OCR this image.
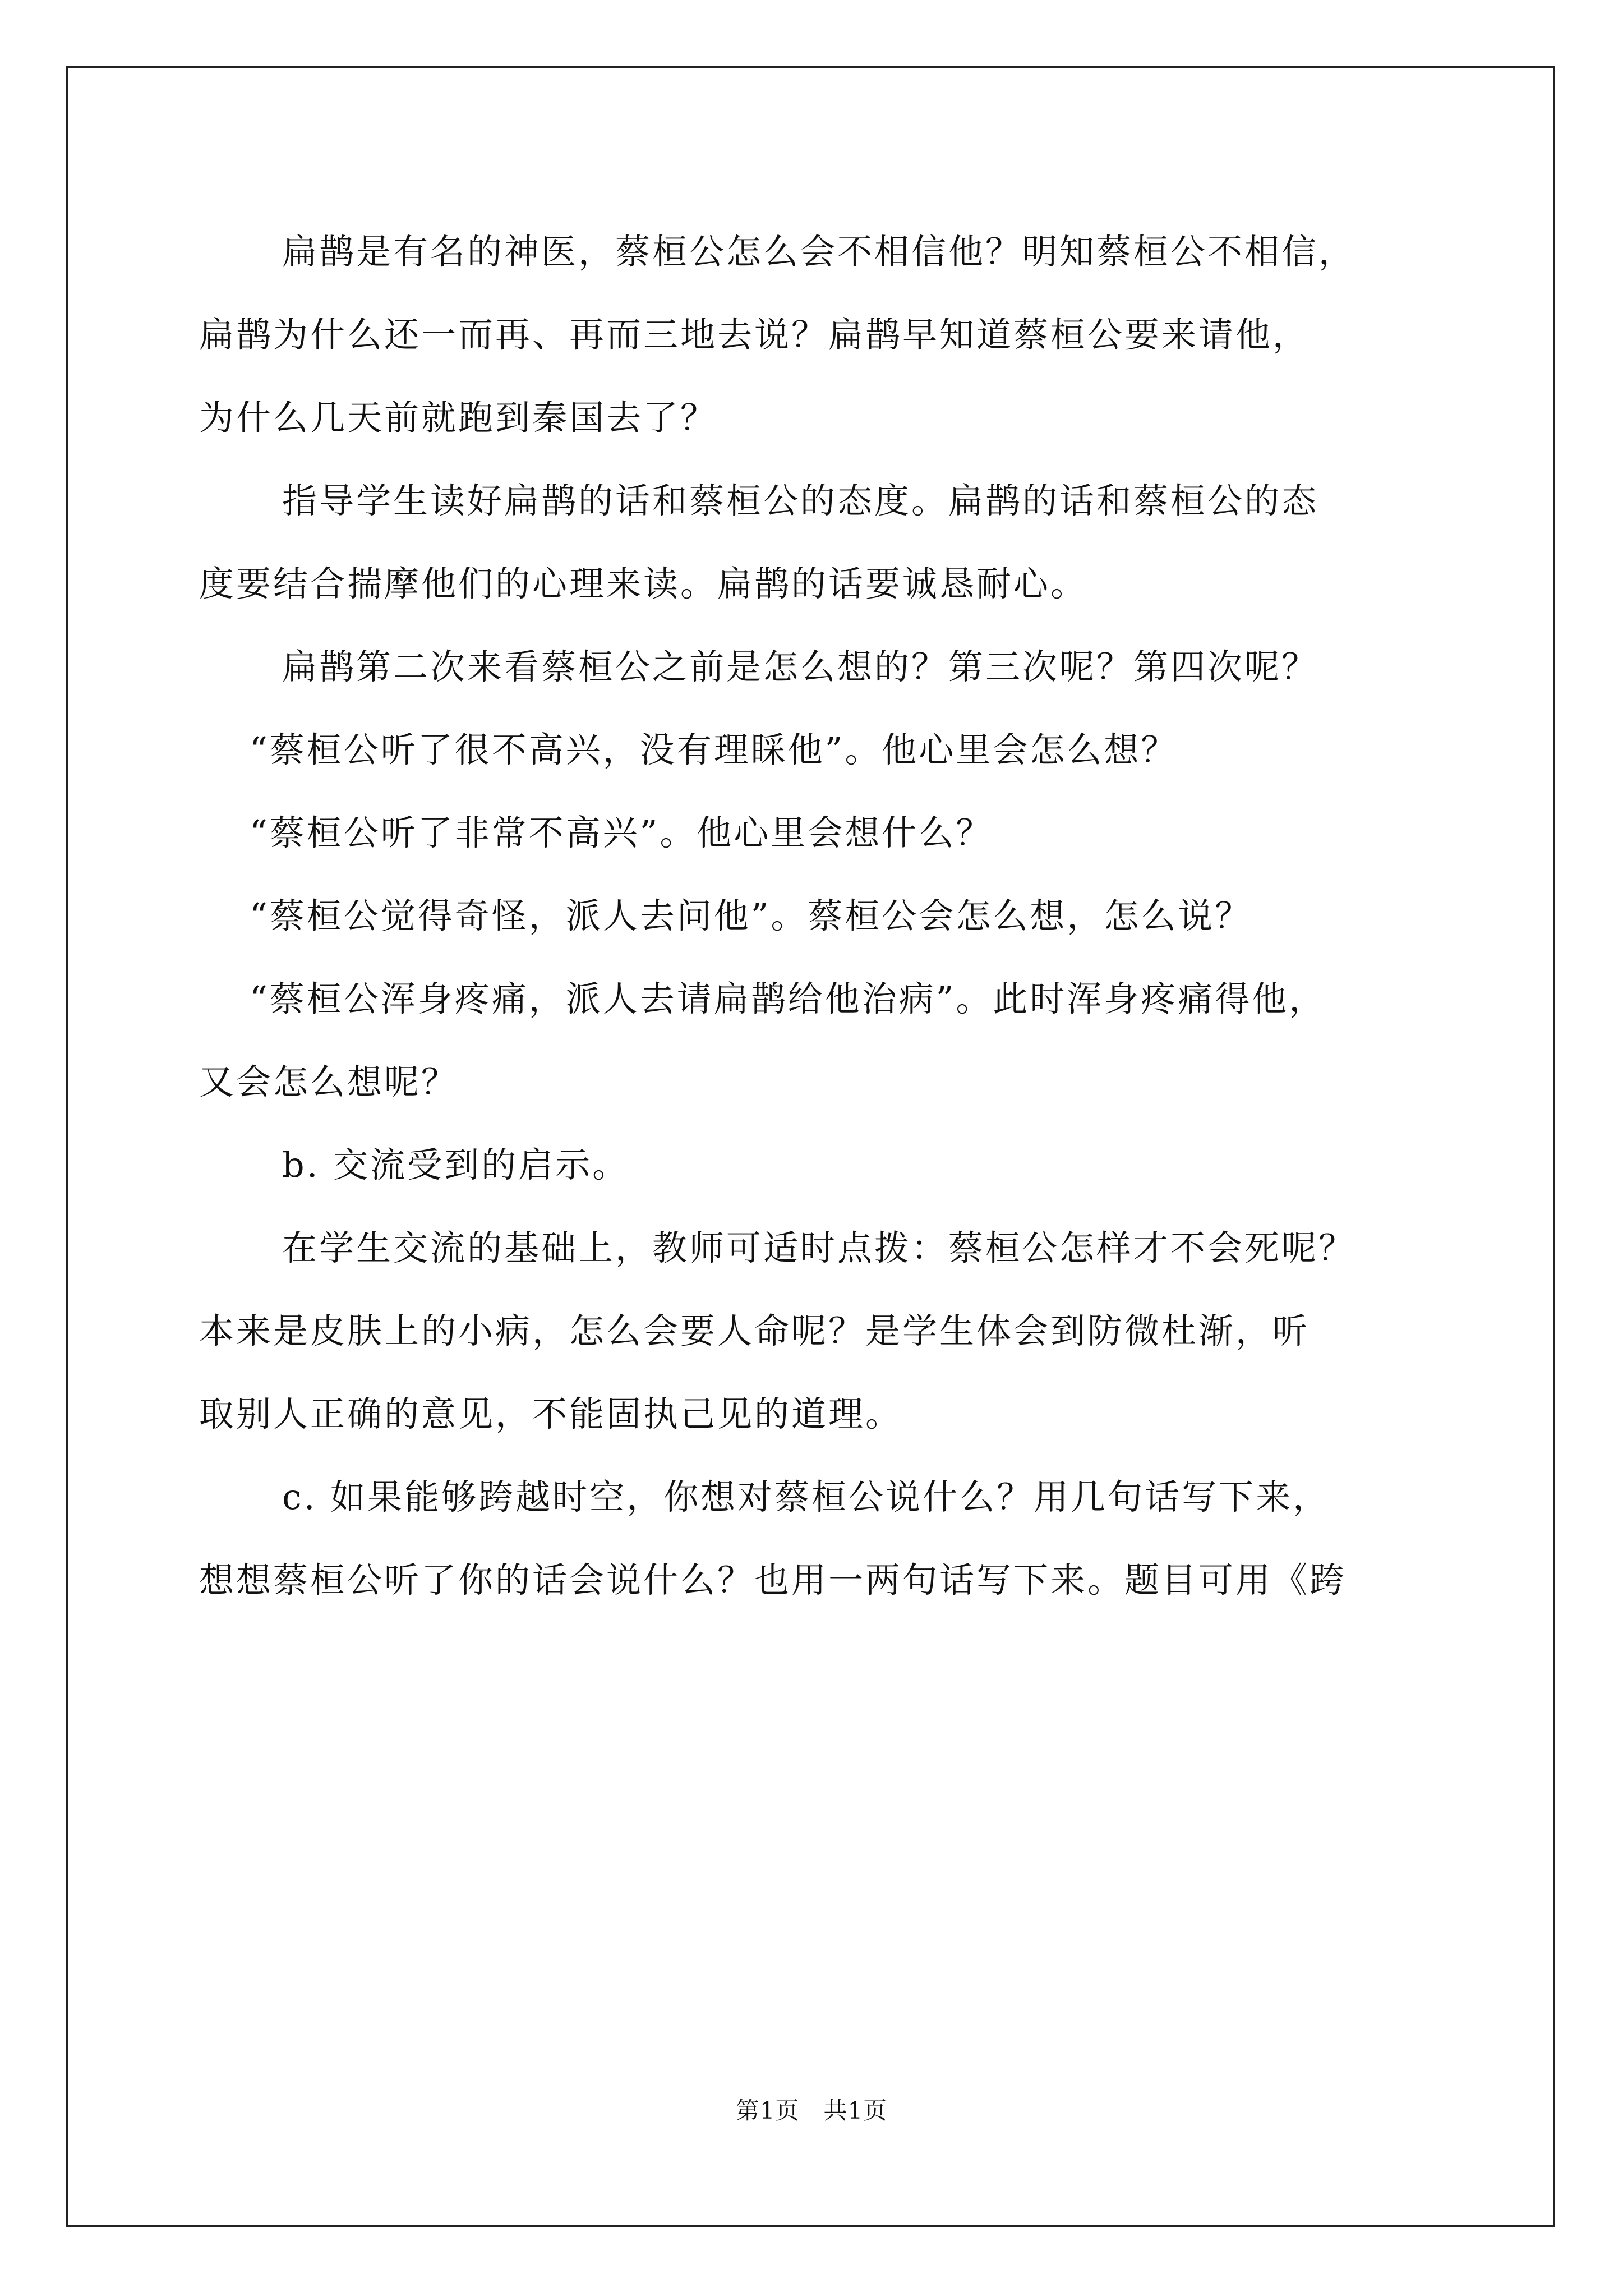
扁鹊是有名的神医，蔡桓公怎么会不相信他？明知蔡桓公不相信，
扁鹊为什么还一而再、再而三地去说？扁鹊早知道蔡桓公要来请他，
为什么几天前就跑到秦国去了？
指导学生读好扁鹊的话和蔡桓公的态度。扁鹊的话和蔡桓公的态
度要结合揣摩他们的心理来读。扁鹊的话要诚恳耐心。
扁鹊第二次来看蔡桓公之前是怎么想的？第三次呢？第四次呢？
“蔡桓公听了很不高兴，没有理睬他”。他心里会怎么想？
“蔡桓公听了非常不高兴”。他心里会想什么？
“蔡桓公觉得奇怪，派人去问他”。蔡桓公会怎么想，怎么说？
“蔡桓公浑身疼痛，派人去请扁鹊给他治病”。此时浑身疼痛得他，
又会怎么想呢？
b. 交流受到的启示。
在学生交流的基础上，教师可适时点拨：蔡桓公怎样才不会死呢？
本来是皮肤上的小病，怎么会要人命呢？是学生体会到防微杜渐，听
取别人正确的意见，不能固执己见的道理。
c. 如果能够跨越时空，你想对蔡桓公说什么？用几句话写下来，
想想蔡桓公听了你的话会说什么？也用一两句话写下来。题目可用《跨
第1页　共1页
